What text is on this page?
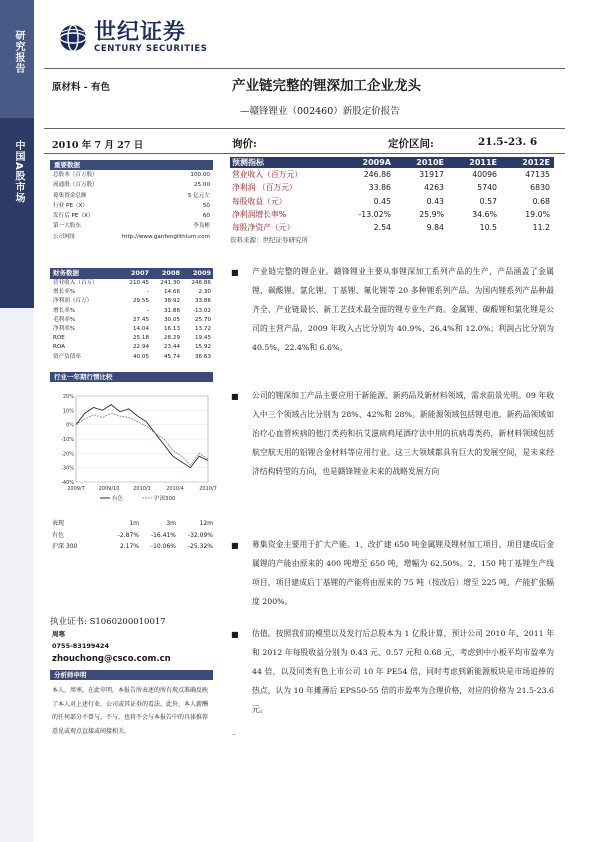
研究报告
中国A股市场
世纪证券
CENTURY SECURITIES
原材料 - 有色	产业链完整的锂深加工企业龙头
—赣锋锂业（002460）新股定价报告
2010 年 7 月 27 日	询价:	定价区间:	21.5-23. 6
重要数据
总股本（百万股）	100.00
流通股（百万股）	25.00
募集资金总额	5 亿元左
行业 PE（X）	50
发行后 PE（X）	60
第一大股东	李良彬
公司网址	http://www.ganfenglithium.com
财务数据	2007	2008	2009
营业收入（百万）	210.45	241.30	246.86
增长率%	-	14.66	2.30
净利润（百万）	29.55	38.92	33.86
增长率%	-	31.86	-13.02
毛利率%	27.45	30.05	25.70
净利率%	14.04	16.13	13.72
ROE	25.18	28.29	19.45
ROA	22.94	23.44	15.92
资产负债率	40.05	45.74	36.63
行业一年期行情比较
20%
10%
0%
-10%
-20%
-30%
-40%
2009/7	2009/10	2010/1	2010/4	2010/7
有色	沪深300
表现	1m	3m	12m
有色	-2.87%	-16.41%	-32.09%
沪深 300	2.17%	-10.06%	-25.32%
执业证书: S1060200010017
周寒
0755-83199424
zhouchong@csco.com.cn
分析师申明
本人，周寒，在此申明，本报告所表述的所有观点准确反映了本人对上述行业、公司或其证券的看法。此外，本人薪酬的任何部分不曾与，不与，也将不会与本报告中的具体推荐意见或观点直接或间接相关。
预测指标	2009A	2010E	2011E	2012E
营业收入（百万元）	246.86	31917	40096	47135
净利润 （百万元）	33.86	4263	5740	6830
每股收益（元）	0.45	0.43	0.57	0.68
净利润增长率%	-13.02%	25.9%	34.6%	19.0%
每股净资产（元）	2.54	9.84	10.5	11.2
资料来源：世纪证券研究所
■	产业链完整的锂企业。赣锋锂业主要从事锂深加工系列产品的生产，产品涵盖了金属锂、碳酸锂、氯化锂、丁基锂、氟化锂等 20 多种锂系列产品。为国内锂系列产品种最齐全、产业链最长、新工艺技术最全面的锂专业生产商。金属锂、碳酸锂和氯化锂是公司的主营产品，2009 年收入占比分别为 40.9%、26.4%和 12.0%；利润占比分别为 40.5%、22.4%和 6.6%。
■	公司的锂深加工产品主要应用于新能源、新药品及新材料领域，需求前景光明。09 年收入中三个领域占比分别为 28%、42%和 28%。新能源领域包括锂电池，新药品领域如治疗心血管疾病的他汀类药和抗艾滋病鸡尾酒疗法中用的抗病毒类药，新材料领域包括航空航天用的铝锂合金材料等应用行业。这三大领域都具有巨大的发展空间，是未来经济结构转型的方向，也是赣锋锂业未来的战略发展方向
■	募集资金主要用于扩大产能。1、改扩建 650 吨金属锂及锂材加工项目，项目建成后金属锂的产能由原来的 400 吨增至 650 吨，增幅为 62.50%。2、150 吨丁基锂生产线项目，项目建成后丁基锂的产能将由原来的 75 吨（按改后）增至 225 吨，产能扩张幅度 200%。
■	估值。按照我们的模型以及发行后总股本为 1 亿股计算，预计公司 2010 年、2011 年和 2012 年每股收益分别为 0.43 元、0.57 元和 0.68 元，考虑到中小板平均市盈率为 44 倍，以及同类有色上市公司 10 年 PE54 倍，同时考虑到新能源板块是市场追捧的热点，认为 10 年摊薄后 EPS50-55 倍的市盈率为合理价格，对应的价格为 21.5-23.6 元。
–
